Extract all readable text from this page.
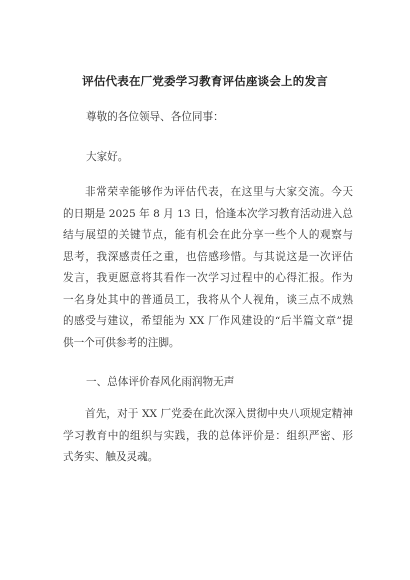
评估代表在厂党委学习教育评估座谈会上的发言
尊敬的各位领导、各位同事：
大家好。
非常荣幸能够作为评估代表，在这里与大家交流。今天
的日期是 2025 年 8 月 13 日，恰逢本次学习教育活动进入总
结与展望的关键节点，能有机会在此分享一些个人的观察与
思考，我深感责任之重，也倍感珍惜。与其说这是一次评估
发言，我更愿意将其看作一次学习过程中的心得汇报。作为
一名身处其中的普通员工，我将从个人视角，谈三点不成熟
的感受与建议，希望能为 XX 厂作风建设的“后半篇文章”提
供一个可供参考的注脚。
一、总体评价春风化雨润物无声
首先，对于 XX 厂党委在此次深入贯彻中央八项规定精神
学习教育中的组织与实践，我的总体评价是：组织严密、形
式务实、触及灵魂。
